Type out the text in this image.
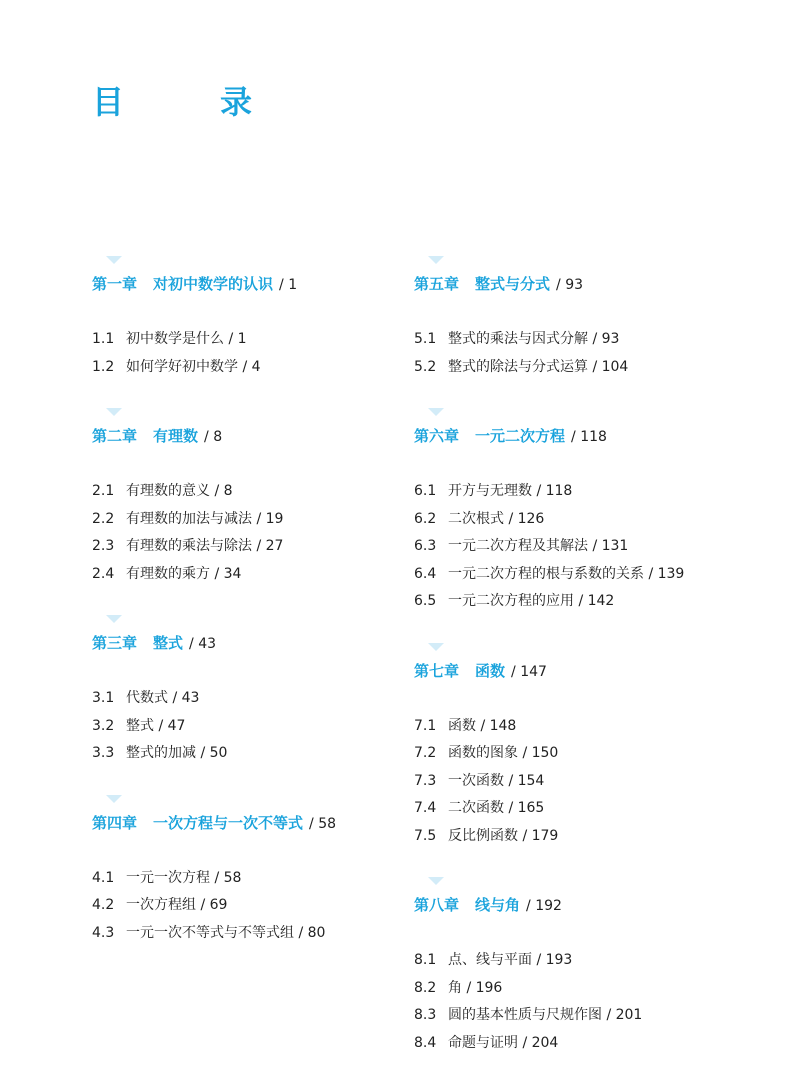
目　录
第一章 对初中数学的认识 / 1
1.1 初中数学是什么 / 1
1.2 如何学好初中数学 / 4
第二章 有理数 / 8
2.1 有理数的意义 / 8
2.2 有理数的加法与减法 / 19
2.3 有理数的乘法与除法 / 27
2.4 有理数的乘方 / 34
第三章 整式 / 43
3.1 代数式 / 43
3.2 整式 / 47
3.3 整式的加减 / 50
第四章 一次方程与一次不等式 / 58
4.1 一元一次方程 / 58
4.2 一次方程组 / 69
4.3 一元一次不等式与不等式组 / 80
第五章 整式与分式 / 93
5.1 整式的乘法与因式分解 / 93
5.2 整式的除法与分式运算 / 104
第六章 一元二次方程 / 118
6.1 开方与无理数 / 118
6.2 二次根式 / 126
6.3 一元二次方程及其解法 / 131
6.4 一元二次方程的根与系数的关系 / 139
6.5 一元二次方程的应用 / 142
第七章 函数 / 147
7.1 函数 / 148
7.2 函数的图象 / 150
7.3 一次函数 / 154
7.4 二次函数 / 165
7.5 反比例函数 / 179
第八章 线与角 / 192
8.1 点、线与平面 / 193
8.2 角 / 196
8.3 圆的基本性质与尺规作图 / 201
8.4 命题与证明 / 204
